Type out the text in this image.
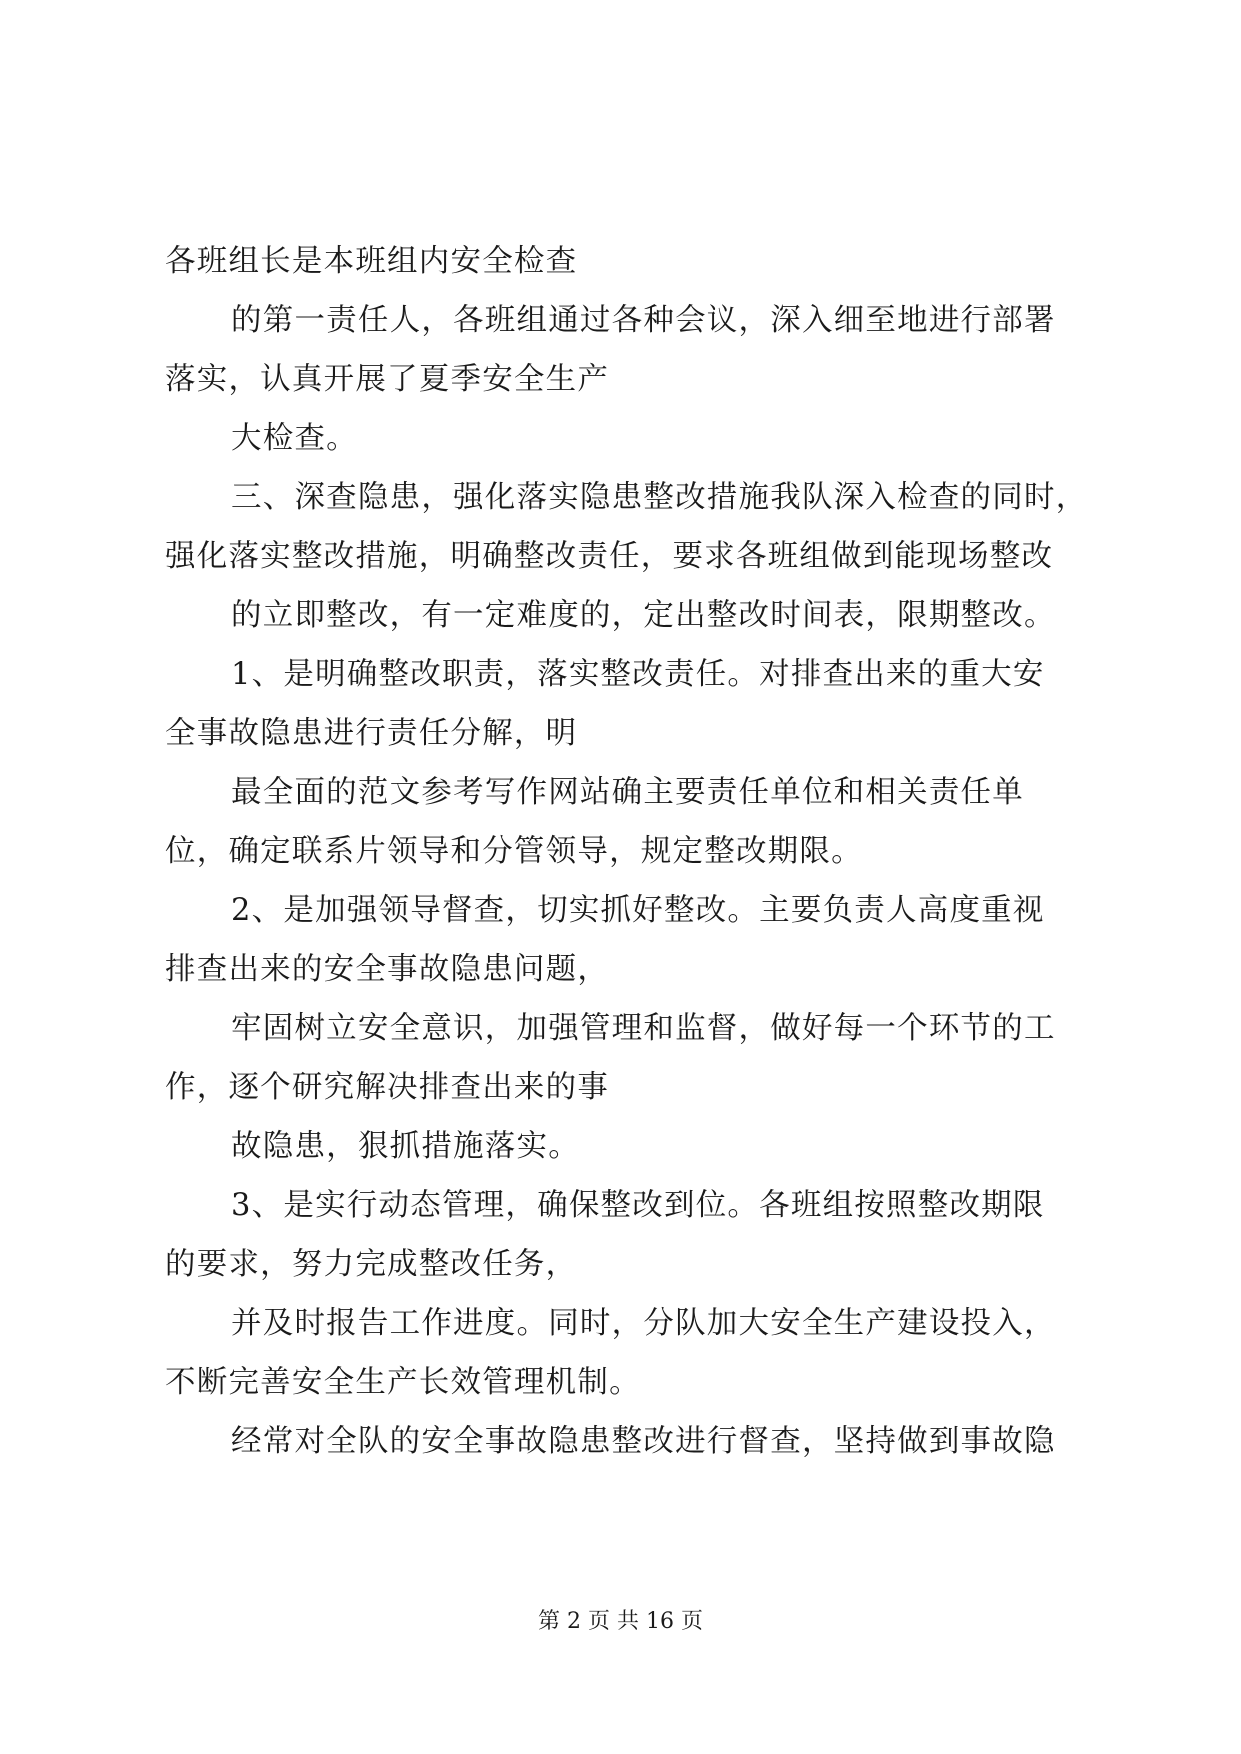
各班组长是本班组内安全检查
的第一责任人，各班组通过各种会议，深入细至地进行部署
落实，认真开展了夏季安全生产
大检查。
三、深查隐患，强化落实隐患整改措施我队深入检查的同时，
强化落实整改措施，明确整改责任，要求各班组做到能现场整改
的立即整改，有一定难度的，定出整改时间表，限期整改。
1、是明确整改职责，落实整改责任。对排查出来的重大安
全事故隐患进行责任分解，明
最全面的范文参考写作网站确主要责任单位和相关责任单
位，确定联系片领导和分管领导，规定整改期限。
2、是加强领导督查，切实抓好整改。主要负责人高度重视
排查出来的安全事故隐患问题，
牢固树立安全意识，加强管理和监督，做好每一个环节的工
作，逐个研究解决排查出来的事
故隐患，狠抓措施落实。
3、是实行动态管理，确保整改到位。各班组按照整改期限
的要求，努力完成整改任务，
并及时报告工作进度。同时，分队加大安全生产建设投入，
不断完善安全生产长效管理机制。
经常对全队的安全事故隐患整改进行督查，坚持做到事故隐
第 2 页 共 16 页
